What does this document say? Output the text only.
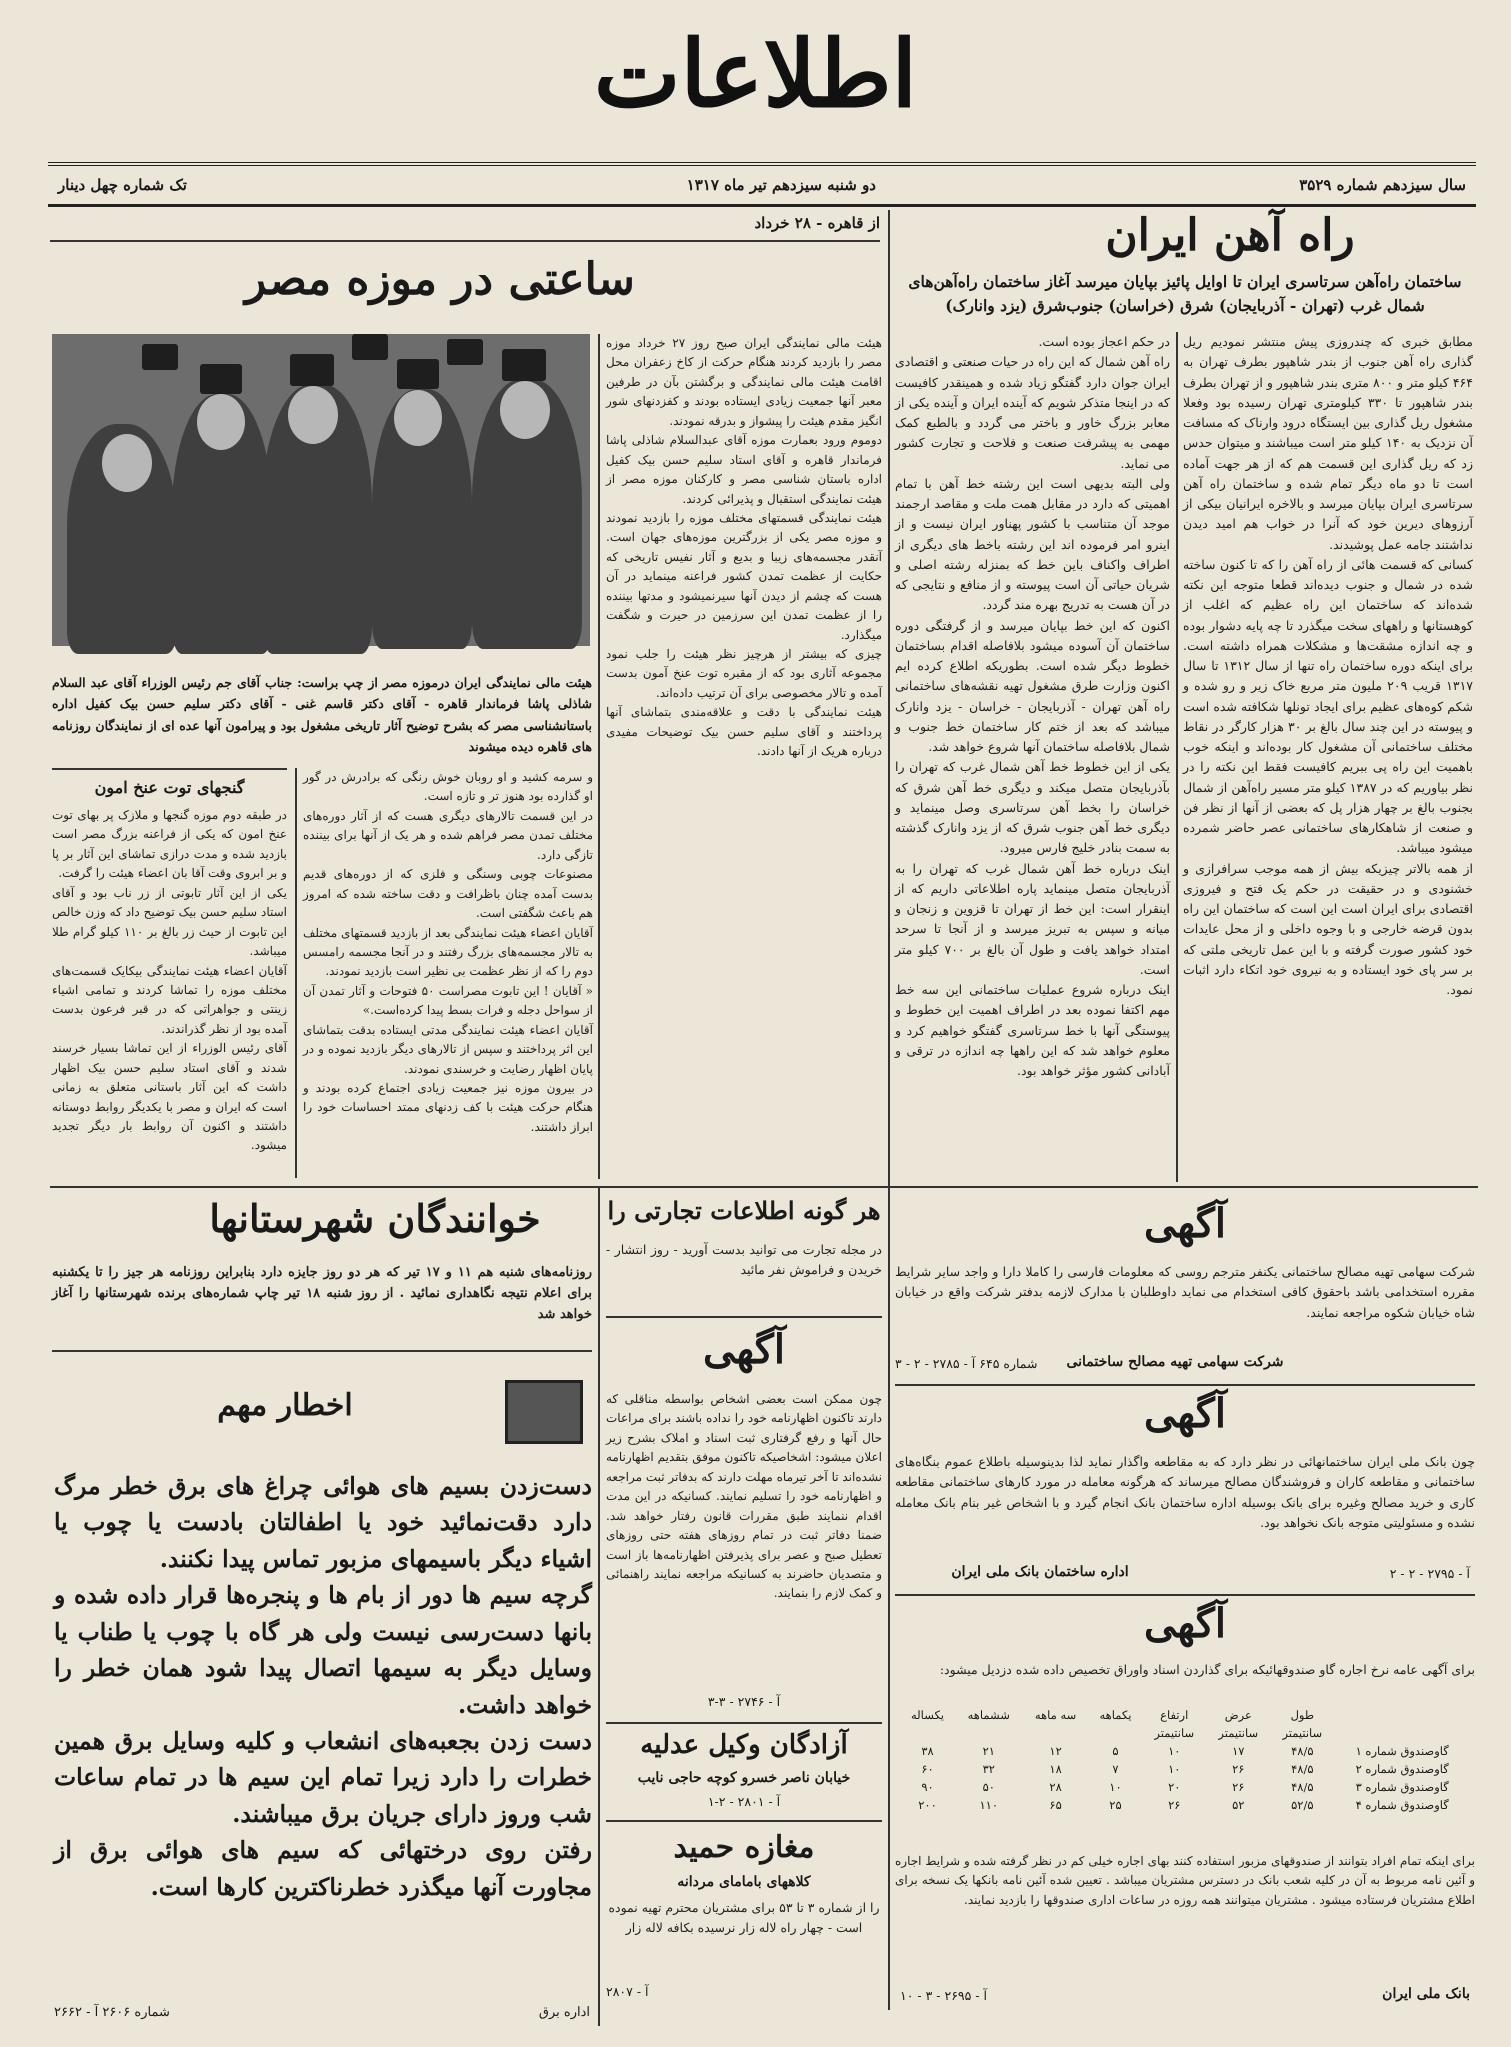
اطلاعات
سال سیزدهم شماره ۳۵۲۹
دو شنبه سیزدهم تیر ماه ۱۳۱۷
تک شماره چهل دینار
راه آهن ایران
ساختمان راه‌آهن سرتاسری ایران تا اوایل پائیز بپایان میرسد آغاز ساختمان راه‌آهن‌های شمال غرب (تهران - آذربایجان) شرق (خراسان) جنوب‌شرق (یزد وانارک)
مطابق خبری که چندروزی پیش منتشر نمودیم ریل گذاری راه آهن جنوب از بندر شاهپور بطرف تهران به ۴۶۴ کیلو متر و ۸۰۰ متری بندر شاهپور و از تهران بطرف بندر شاهپور تا ۳۳۰ کیلومتری تهران رسیده بود وفعلا مشغول ریل گذاری بین ایستگاه درود وارناک که مسافت آن نزدیک به ۱۴۰ کیلو متر است میباشند و میتوان حدس زد که ریل گذاری این قسمت هم که از هر جهت آماده است تا دو ماه دیگر تمام شده و ساختمان راه آهن سرتاسری ایران بپایان میرسد و بالاخره ایرانیان بیکی از آرزوهای دیرین خود که آنرا در خواب هم امید دیدن نداشتند جامه عمل پوشیدند.
کسانی که قسمت هائی از راه آهن را که تا کنون ساخته شده در شمال و جنوب دیده‌اند قطعا متوجه این نکته شده‌اند که ساختمان این راه عظیم که اغلب از کوهستانها و راههای سخت میگذرد تا چه پایه دشوار بوده و چه اندازه مشقت‌ها و مشکلات همراه داشته است. برای اینکه دوره ساختمان راه تنها از سال ۱۳۱۲ تا سال ۱۳۱۷ قریب ۲۰۹ ملیون متر مربع خاک زیر و رو شده و شکم کوه‌های عظیم برای ایجاد تونلها شکافته شده است و پیوسته در این چند سال بالغ بر ۳۰ هزار کارگر در نقاط مختلف ساختمانی آن مشغول کار بوده‌اند و اینکه خوب باهمیت این راه پی ببریم کافیست فقط این نکته را در نظر بیاوریم که در ۱۳۸۷ کیلو متر مسیر راه‌آهن از شمال بجنوب بالغ بر چهار هزار پل که بعضی از آنها از نظر فن و صنعت از شاهکارهای ساختمانی عصر حاضر شمرده میشود میباشد.
از همه بالاتر چیزیکه بیش از همه موجب سرافرازی و خشنودی و در حقیقت در حکم یک فتح و فیروزی اقتصادی برای ایران است این است که ساختمان این راه بدون قرضه خارجی و با وجوه داخلی و از محل عایدات خود کشور صورت گرفته و با این عمل تاریخی ملتی که بر سر پای خود ایستاده و به نیروی خود اتکاء دارد اثبات نمود.
در حکم اعجاز بوده است.
راه آهن شمال که این راه در حیات صنعتی و اقتصادی ایران جوان دارد گفتگو زیاد شده و همینقدر کافیست که در اینجا متذکر شویم که آینده ایران و آینده یکی از معابر بزرگ خاور و باختر می گردد و بالطبع کمک مهمی به پیشرفت صنعت و فلاحت و تجارت کشور می نماید.
ولی البته بدیهی است این رشته خط آهن با تمام اهمیتی که دارد در مقابل همت ملت و مقاصد ارجمند موجد آن متناسب با کشور پهناور ایران نیست و از اینرو امر فرموده اند این رشته باخط های دیگری از اطراف واکناف باین خط که بمنزله رشته اصلی و شریان حیاتی آن است پیوسته و از منافع و نتایجی که در آن هست به تدریج بهره مند گردد.
اکنون که این خط بپایان میرسد و از گرفتگی دوره ساختمان آن آسوده میشود بلافاصله اقدام بساختمان خطوط دیگر شده است. بطوریکه اطلاع کرده ایم اکنون وزارت طرق مشغول تهیه نقشه‌های ساختمانی راه آهن تهران - آذربایجان - خراسان - یزد وانارک میباشد که بعد از ختم کار ساختمان خط جنوب و شمال بلافاصله ساختمان آنها شروع خواهد شد.
یکی از این خطوط خط آهن شمال غرب که تهران را بآذربایجان متصل میکند و دیگری خط آهن شرق که خراسان را بخط آهن سرتاسری وصل مینماید و دیگری خط آهن جنوب شرق که از یزد وانارک گذشته به سمت بنادر خلیج فارس میرود.
اینک درباره خط آهن شمال غرب که تهران را به آذربایجان متصل مینماید پاره اطلاعاتی داریم که از اینقرار است: این خط از تهران تا قزوین و زنجان و میانه و سپس به تبریز میرسد و از آنجا تا سرحد امتداد خواهد یافت و طول آن بالغ بر ۷۰۰ کیلو متر است.
اینک درباره شروع عملیات ساختمانی این سه خط مهم اکتفا نموده بعد در اطراف اهمیت این خطوط و پیوستگی آنها با خط سرتاسری گفتگو خواهیم کرد و معلوم خواهد شد که این راهها چه اندازه در ترقی و آبادانی کشور مؤثر خواهد بود.
از قاهره - ۲۸ خرداد
ساعتی در موزه مصر
هیئت مالی نمایندگی ایران صبح روز ۲۷ خرداد موزه مصر را بازدید کردند هنگام حرکت از کاخ زعفران محل اقامت هیئت مالی نمایندگی و برگشتن بآن در طرفین معبر آنها جمعیت زیادی ایستاده بودند و کفزدنهای شور انگیز مقدم هیئت را پیشواز و بدرقه نمودند.
دوموم ورود بعمارت موزه آقای عبدالسلام شاذلی پاشا فرماندار قاهره و آقای استاد سلیم حسن بیک کفیل اداره باستان شناسی مصر و کارکنان موزه مصر از هیئت نمایندگی استقبال و پذیرائی کردند.
هیئت نمایندگی قسمتهای مختلف موزه را بازدید نمودند و موزه مصر یکی از بزرگترین موزه‌های جهان است. آنقدر مجسمه‌های زیبا و بدیع و آثار نفیس تاریخی که حکایت از عظمت تمدن کشور فراعنه مینماید در آن هست که چشم از دیدن آنها سیرنمیشود و مدتها بیننده را از عظمت تمدن این سرزمین در حیرت و شگفت میگذارد.
چیزی که بیشتر از هرچیز نظر هیئت را جلب نمود مجموعه آثاری بود که از مقبره توت عنخ آمون بدست آمده و تالار مخصوصی برای آن ترتیب داده‌اند.
هیئت نمایندگی با دقت و علاقه‌مندی بتماشای آنها پرداختند و آقای سلیم حسن بیک توضیحات مفیدی درباره هریک از آنها دادند.
هیئت مالی نمایندگی ایران درموزه مصر از چپ براست: جناب آقای جم رئیس الوزراء آقای عبد السلام شاذلی پاشا فرماندار قاهره - آقای دکتر قاسم غنی - آقای دکتر سلیم حسن بیک کفیل اداره باستانشناسی مصر که بشرح توضیح آثار تاریخی مشغول بود و پیرامون آنها عده ای از نمایندگان روزنامه های قاهره دیده میشوند
گنجهای توت عنخ امون
در طبقه دوم موزه گنجها و ملازک پر بهای توت عنخ امون که یکی از فراعنه بزرگ مصر است بازدید شده و مدت درازی تماشای این آثار بر پا و بر ابروی وقت آقا بان اعضاء هیئت را گرفت.
یکی از این آثار تابوتی از زر ناب بود و آقای استاد سلیم حسن بیک توضیح داد که وزن خالص این تابوت از حیث زر بالغ بر ۱۱۰ کیلو گرام طلا میباشد.
آقایان اعضاء هیئت نمایندگی بیکایک قسمت‌های مختلف موزه را تماشا کردند و تمامی اشیاء زینتی و جواهراتی که در قبر فرعون بدست آمده بود از نظر گذراندند.
آقای رئیس الوزراء از این تماشا بسیار خرسند شدند و آقای استاد سلیم حسن بیک اظهار داشت که این آثار باستانی متعلق به زمانی است که ایران و مصر با یکدیگر روابط دوستانه داشتند و اکنون آن روابط بار دیگر تجدید میشود.
و سرمه کشید و او روبان خوش رنگی که برادرش در گور او گذارده بود هنوز تر و تازه است.
در این قسمت تالارهای دیگری هست که از آثار دوره‌های مختلف تمدن مصر فراهم شده و هر یک از آنها برای بیننده تازگی دارد.
مصنوعات چوبی وسنگی و فلزی که از دوره‌های قدیم بدست آمده چنان باظرافت و دقت ساخته شده که امروز هم باعث شگفتی است.
آقایان اعضاء هیئت نمایندگی بعد از بازدید قسمتهای مختلف به تالار مجسمه‌های بزرگ رفتند و در آنجا مجسمه رامسس دوم را که از نظر عظمت بی نظیر است بازدید نمودند.
« آقایان ! این تابوت مصراست ۵۰ فتوحات و آثار تمدن آن از سواحل دجله و فرات بسط پیدا کرده‌است.»
آقایان اعضاء هیئت نمایندگی مدتی ایستاده بدقت بتماشای این اثر پرداختند و سپس از تالارهای دیگر بازدید نموده و در پایان اظهار رضایت و خرسندی نمودند.
در بیرون موزه نیز جمعیت زیادی اجتماع کرده بودند و هنگام حرکت هیئت با کف زدنهای ممتد احساسات خود را ابراز داشتند.
خوانندگان شهرستانها
روزنامه‌های شنبه هم ۱۱ و ۱۷ تیر که هر دو روز جایزه دارد بنابراین روزنامه هر جیز را تا یکشنبه برای اعلام نتیجه نگاهداری نمائید . از روز شنبه ۱۸ تیر چاپ شماره‌های برنده شهرستانها را آغاز خواهد شد
اخطار مهم
دست‌زدن بسیم های هوائی چراغ های برق خطر مرگ دارد دقت‌نمائید خود یا اطفالتان بادست یا چوب یا اشیاء دیگر باسیمهای مزبور تماس پیدا نکنند.
گرچه سیم ها دور از بام ها و پنجره‌ها قرار داده شده و بانها دست‌رسی نیست ولی هر گاه با چوب یا طناب یا وسایل دیگر به سیمها اتصال پیدا شود همان خطر را خواهد داشت.
دست زدن بجعبه‌های انشعاب و کلیه وسایل برق همین خطرات را دارد زیرا تمام این سیم ها در تمام ساعات شب وروز دارای جریان برق میباشند.
رفتن روی درختهائی که سیم های هوائی برق از مجاورت آنها میگذرد خطرناکترین کارها است.
اداره برق
شماره ۲۶۰۶ آ - ۲۶۶۲
هر گونه اطلاعات تجارتی را
در مجله تجارت می توانید بدست آورید - روز انتشار - خریدن و فراموش نفر مائید
آگهی
چون ممکن است بعضی اشخاص بواسطه مناقلی که دارند تاکنون اظهارنامه خود را نداده باشند برای مراعات حال آنها و رفع گرفتاری ثبت اسناد و املاک بشرح زیر اعلان میشود: اشخاصیکه تاکنون موفق بتقدیم اظهارنامه نشده‌اند تا آخر تیرماه مهلت دارند که بدفاتر ثبت مراجعه و اظهارنامه خود را تسلیم نمایند. کسانیکه در این مدت اقدام ننمایند طبق مقررات قانون رفتار خواهد شد. ضمنا دفاتر ثبت در تمام روزهای هفته حتی روزهای تعطیل صبح و عصر برای پذیرفتن اظهارنامه‌ها باز است و متصدیان حاضرند به کسانیکه مراجعه نمایند راهنمائی و کمک لازم را بنمایند.
آ - ۲۷۴۶ - ۳-۳
آزادگان وکیل عدلیه
خیابان ناصر خسرو کوچه حاجی نایب
آ - ۲۸۰۱ - ۲-۱
مغازه حمید
کلاههای بامامای مردانه
را از شماره ۳ تا ۵۳ برای مشتریان محترم تهیه نموده است - چهار راه لاله زار نرسیده بکافه لاله زار
آ - ۲۸۰۷
آگهی
شرکت سهامی تهیه مصالح ساختمانی یکنفر مترجم روسی که معلومات فارسی را کاملا دارا و واجد سایر شرایط مقرره استخدامی باشد باحقوق کافی استخدام می نماید داوطلبان با مدارک لازمه بدفتر شرکت واقع در خیابان شاه خیابان شکوه مراجعه نمایند.
شرکت سهامی تهیه مصالح ساختمانی
شماره ۶۴۵ آ - ۲۷۸۵ - ۲ - ۳
آگهی
چون بانک ملی ایران ساختمانهائی در نظر دارد که به مقاطعه واگذار نماید لذا بدینوسیله باطلاع عموم بنگاه‌های ساختمانی و مقاطعه کاران و فروشندگان مصالح میرساند که هرگونه معامله در مورد کارهای ساختمانی مقاطعه کاری و خرید مصالح وغیره برای بانک بوسیله اداره ساختمان بانک انجام گیرد و با اشخاص غیر بنام بانک معامله نشده و مسئولیتی متوجه بانک نخواهد بود.
اداره ساختمان بانک ملی ایران	آ - ۲۷۹۵ - ۲ - ۲
آگهی
برای آگهی عامه نرخ اجاره گاو صندوقهائیکه برای گذاردن اسناد واوراق تخصیص داده شده دزدیل میشود:
	طول	عرض	ارتفاع	یکماهه	سه ماهه	ششماهه	یکساله
	سانتیمتر	سانتیمتر	سانتیمتر				
گاوصندوق شماره ۱	۴۸/۵	۱۷	۱۰	۵	۱۲	۲۱	۳۸
گاوصندوق شماره ۲	۴۸/۵	۲۶	۱۰	۷	۱۸	۳۲	۶۰
گاوصندوق شماره ۳	۴۸/۵	۲۶	۲۰	۱۰	۲۸	۵۰	۹۰
گاوصندوق شماره ۴	۵۲/۵	۵۲	۲۶	۲۵	۶۵	۱۱۰	۲۰۰
برای اینکه تمام افراد بتوانند از صندوقهای مزبور استفاده کنند بهای اجاره خیلی کم در نظر گرفته شده و شرایط اجاره و آئین نامه مربوط به آن در کلیه شعب بانک در دسترس مشتریان میباشد . تعیین شده آئین نامه بانکها یک نسخه برای اطلاع مشتریان فرستاده میشود . مشتریان میتوانند همه روزه در ساعات اداری صندوقها را بازدید نمایند.
بانک ملی ایران
آ - ۲۶۹۵ - ۳ - ۱۰
